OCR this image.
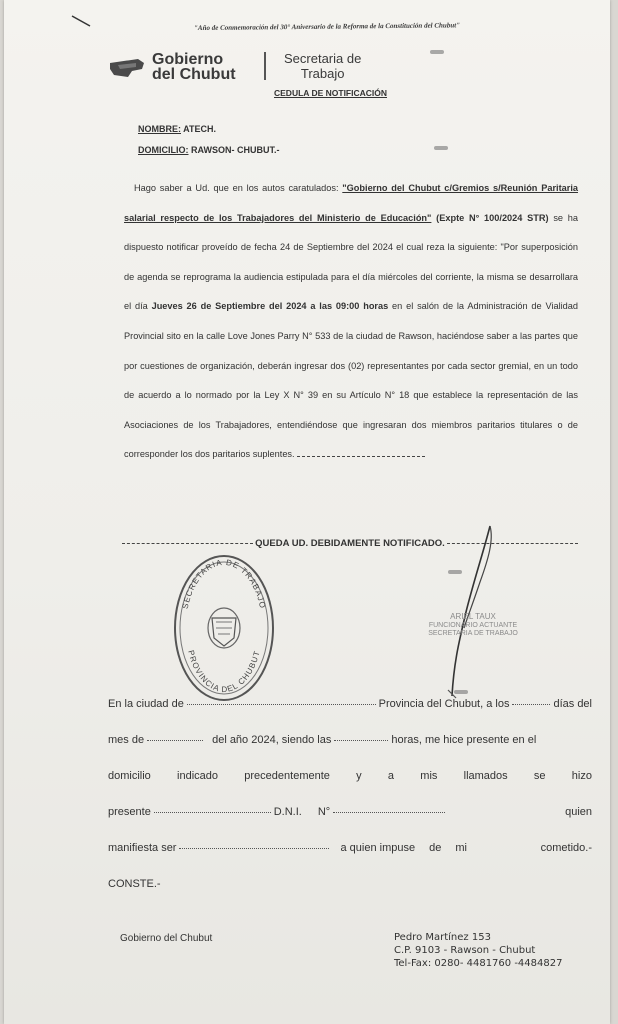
"Año de Conmemoración del 30° Aniversario de la Reforma de la Constitución del Chubut"
Gobierno
del Chubut
Secretaria de
Trabajo
CEDULA DE NOTIFICACIÓN
NOMBRE: ATECH.
DOMICILIO: RAWSON- CHUBUT.-
Hago saber a Ud. que en los autos caratulados: "Gobierno del Chubut c/Gremios s/Reunión Paritaria salarial respecto de los Trabajadores del Ministerio de Educación" (Expte N° 100/2024 STR) se ha dispuesto notificar proveído de fecha 24 de Septiembre del 2024 el cual reza la siguiente: "Por superposición de agenda se reprograma la audiencia estipulada para el día miércoles del corriente, la misma se desarrollara el día Jueves 26 de Septiembre del 2024 a las 09:00 horas en el salón de la Administración de Vialidad Provincial sito en la calle Love Jones Parry N° 533 de la ciudad de Rawson, haciéndose saber a las partes que por cuestiones de organización, deberán ingresar dos (02) representantes por cada sector gremial, en un todo de acuerdo a lo normado por la Ley X N° 39 en su Artículo N° 18 que establece la representación de las Asociaciones de los Trabajadores, entendiéndose que ingresaran dos miembros paritarios titulares o de corresponder los dos paritarios suplentes.
QUEDA UD. DEBIDAMENTE NOTIFICADO.
SECRETARIA DE TRABAJO
PROVINCIA DEL CHUBUT
ARIEL TAUX
FUNCIONARIO ACTUANTE
SECRETARIA DE TRABAJO
En la ciudad de	Provincia del Chubut, a los	días del
mes de	del año 2024, siendo las	horas, me hice presente en el
domicilio indicado precedentemente y a mis llamados se hizo
presente	D.N.I. N°	quien
manifiesta ser	a quien impuse de mi	cometido.-
CONSTE.-
Gobierno del Chubut	Pedro Martínez 153
C.P. 9103 - Rawson - Chubut
Tel-Fax: 0280- 4481760 -4484827
